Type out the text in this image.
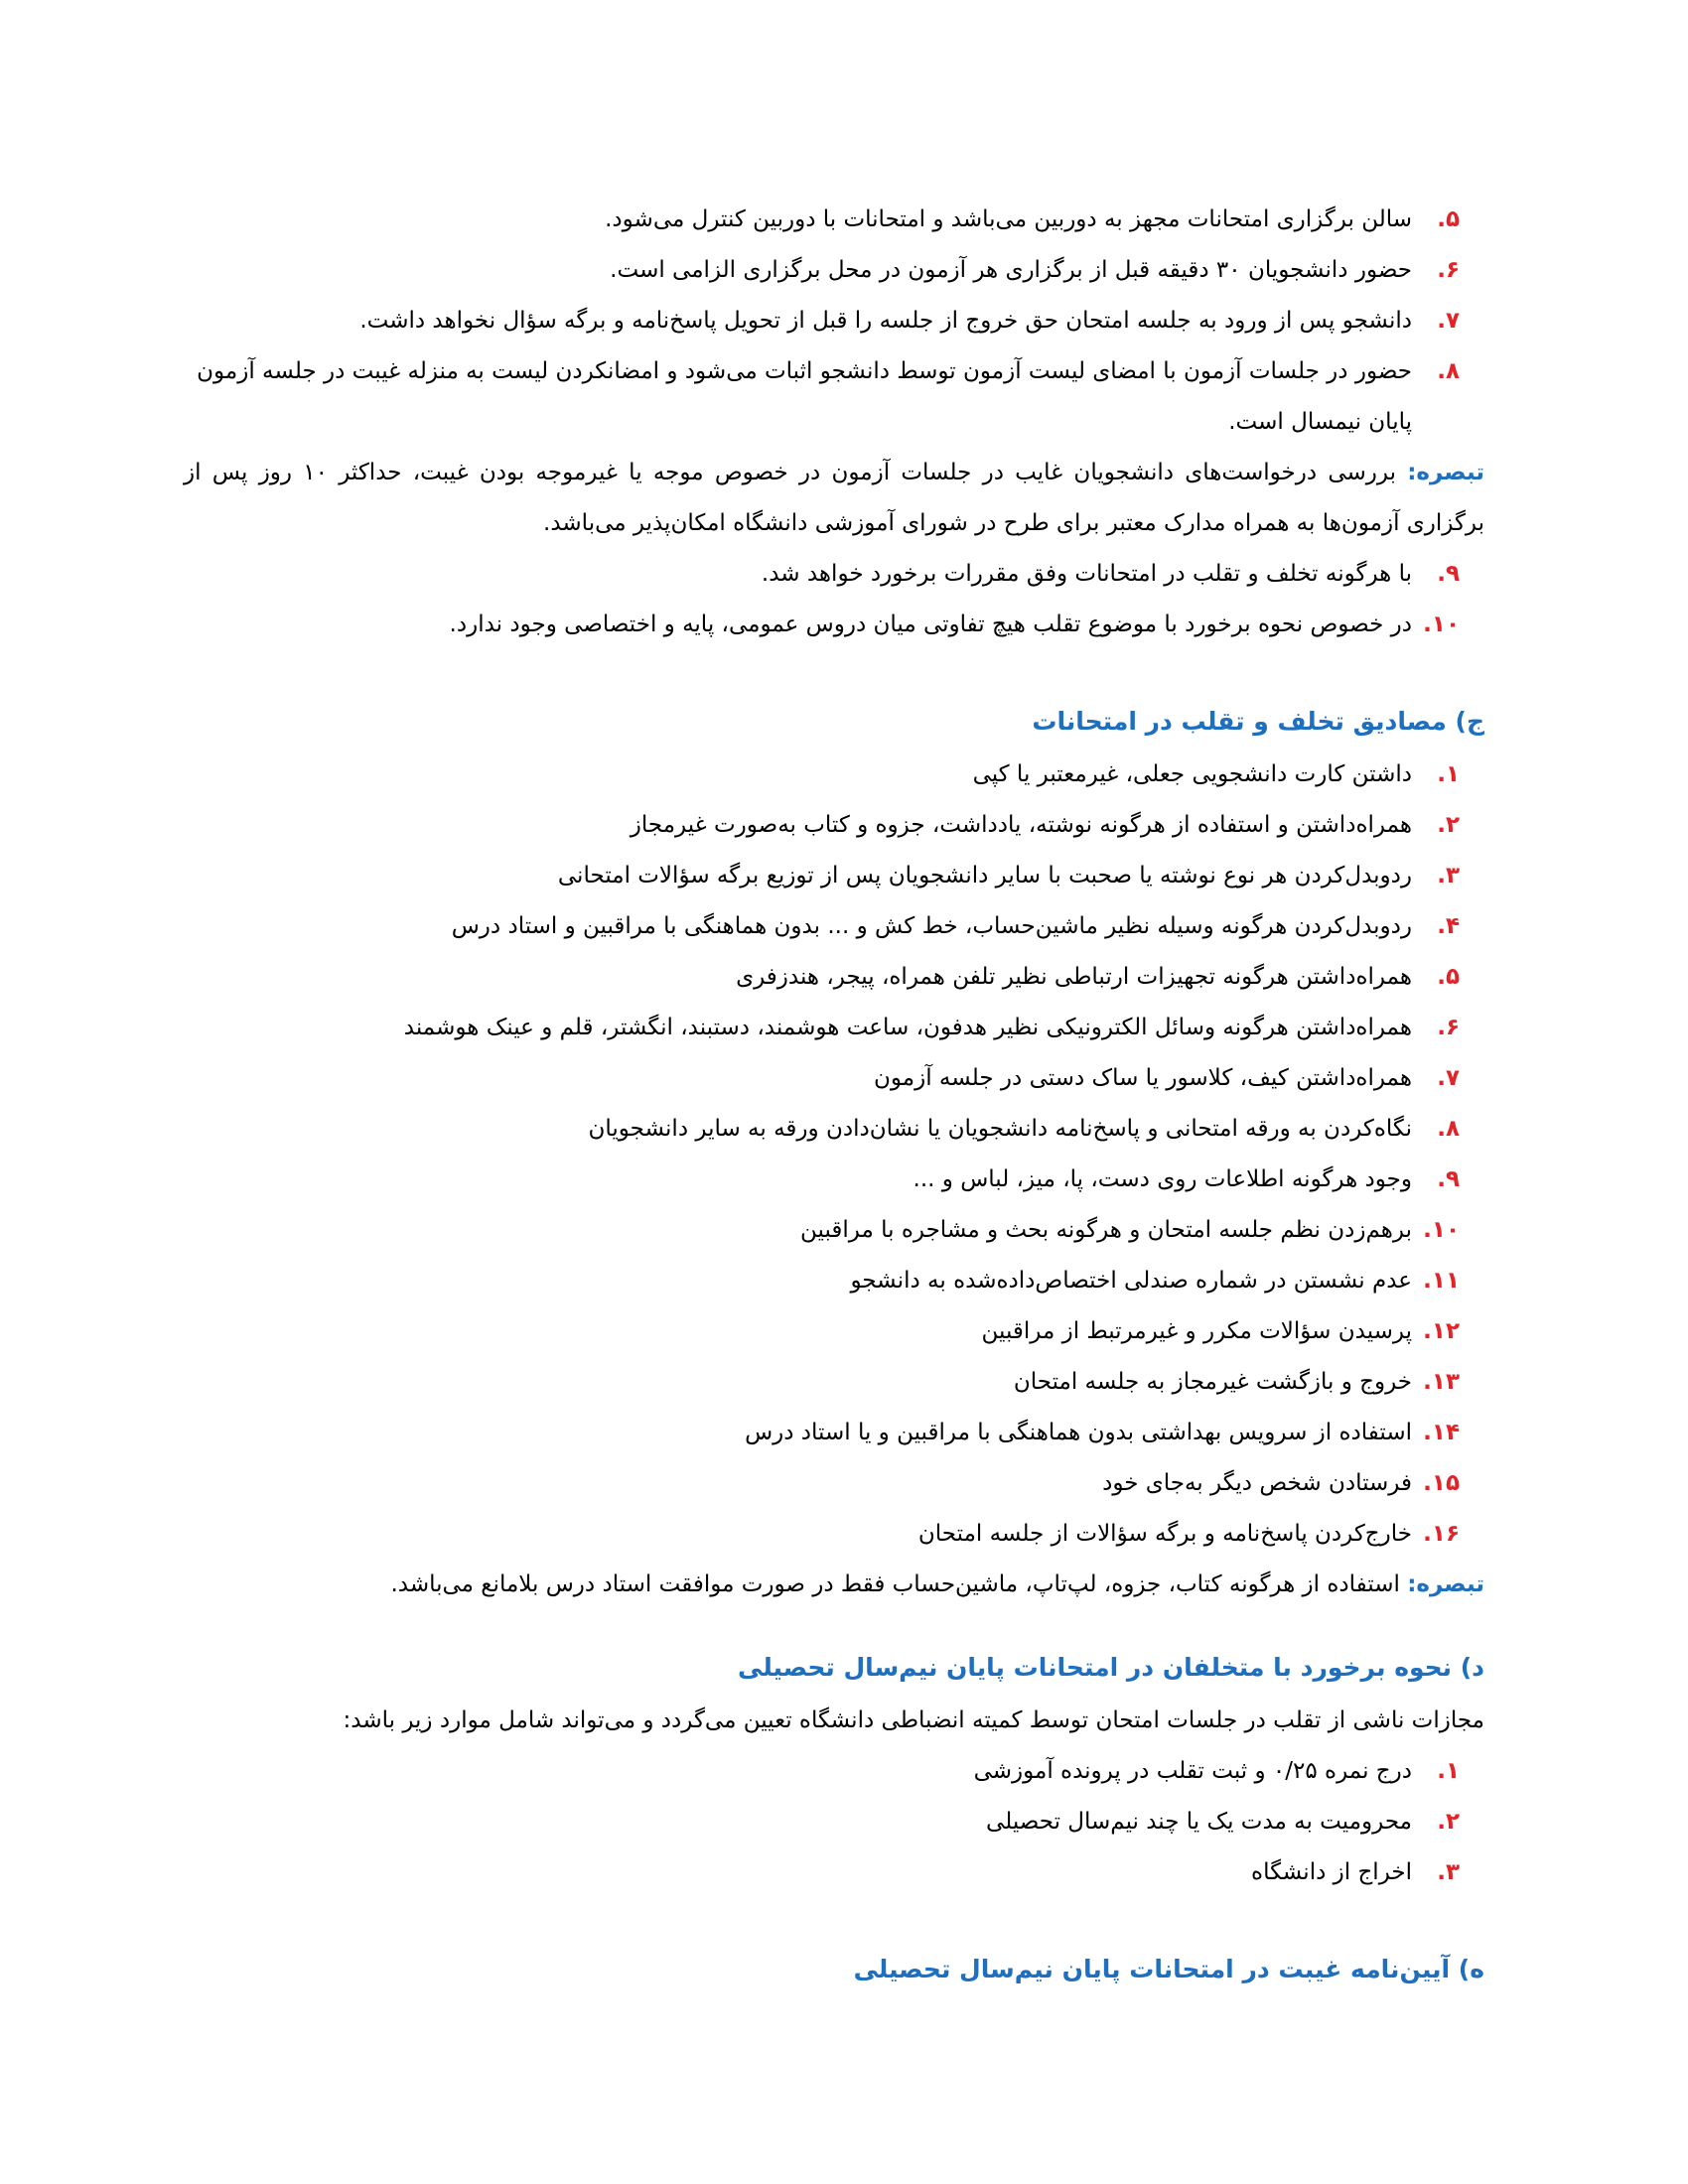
۵.
سالن برگزاری امتحانات مجهز به دوربین می‌باشد و امتحانات با دوربین کنترل می‌شود.
۶.
حضور دانشجویان ۳۰ دقیقه قبل از برگزاری هر آزمون در محل برگزاری الزامی است.
۷.
دانشجو پس از ورود به جلسه امتحان حق خروج از جلسه را قبل از تحویل پاسخ‌نامه و برگه سؤال نخواهد داشت.
۸.
حضور در جلسات آزمون با امضای لیست آزمون توسط دانشجو اثبات می‌شود و امضانکردن لیست به منزله غیبت در جلسه آزمون پایان نیمسال است.
تبصره: بررسی درخواست‌های دانشجویان غایب در جلسات آزمون در خصوص موجه یا غیرموجه بودن غیبت، حداکثر ۱۰ روز پس از برگزاری آزمون‌ها به همراه مدارک معتبر برای طرح در شورای آموزشی دانشگاه امکان‌پذیر می‌باشد.
۹.
با هرگونه تخلف و تقلب در امتحانات وفق مقررات برخورد خواهد شد.
۱۰.
در خصوص نحوه برخورد با موضوع تقلب هیچ تفاوتی میان دروس عمومی، پایه و اختصاصی وجود ندارد.
ج) مصادیق تخلف و تقلب در امتحانات
۱.
داشتن کارت دانشجویی جعلی، غیرمعتبر یا کپی
۲.
همراه‌داشتن و استفاده از هرگونه نوشته، یادداشت، جزوه و کتاب به‌صورت غیرمجاز
۳.
ردوبدل‌کردن هر نوع نوشته یا صحبت با سایر دانشجویان پس از توزیع برگه سؤالات امتحانی
۴.
ردوبدل‌کردن هرگونه وسیله نظیر ماشین‌حساب، خط کش و ... بدون هماهنگی با مراقبین و استاد درس
۵.
همراه‌داشتن هرگونه تجهیزات ارتباطی نظیر تلفن همراه، پیجر، هندزفری
۶.
همراه‌داشتن هرگونه وسائل الکترونیکی نظیر هدفون، ساعت هوشمند، دستبند، انگشتر، قلم و عینک هوشمند
۷.
همراه‌داشتن کیف، کلاسور یا ساک دستی در جلسه آزمون
۸.
نگاه‌کردن به ورقه امتحانی و پاسخ‌نامه دانشجویان یا نشان‌دادن ورقه به سایر دانشجویان
۹.
وجود هرگونه اطلاعات روی دست، پا، میز، لباس و ...
۱۰.
برهم‌زدن نظم جلسه امتحان و هرگونه بحث و مشاجره با مراقبین
۱۱.
عدم نشستن در شماره صندلی اختصاص‌داده‌شده به دانشجو
۱۲.
پرسیدن سؤالات مکرر و غیرمرتبط از مراقبین
۱۳.
خروج و بازگشت غیرمجاز به جلسه امتحان
۱۴.
استفاده از سرویس بهداشتی بدون هماهنگی با مراقبین و یا استاد درس
۱۵.
فرستادن شخص دیگر به‌جای خود
۱۶.
خارج‌کردن پاسخ‌نامه و برگه سؤالات از جلسه امتحان
تبصره: استفاده از هرگونه کتاب، جزوه، لپ‌تاپ، ماشین‌حساب فقط در صورت موافقت استاد درس بلامانع می‌باشد.
د) نحوه برخورد با متخلفان در امتحانات پایان نیم‌سال تحصیلی
مجازات ناشی از تقلب در جلسات امتحان توسط کمیته انضباطی دانشگاه تعیین می‌گردد و می‌تواند شامل موارد زیر باشد:
۱.
درج نمره ۰/۲۵ و ثبت تقلب در پرونده آموزشی
۲.
محرومیت به مدت یک یا چند نیم‌سال تحصیلی
۳.
اخراج از دانشگاه
ه) آیین‌نامه غیبت در امتحانات پایان نیم‌سال تحصیلی
